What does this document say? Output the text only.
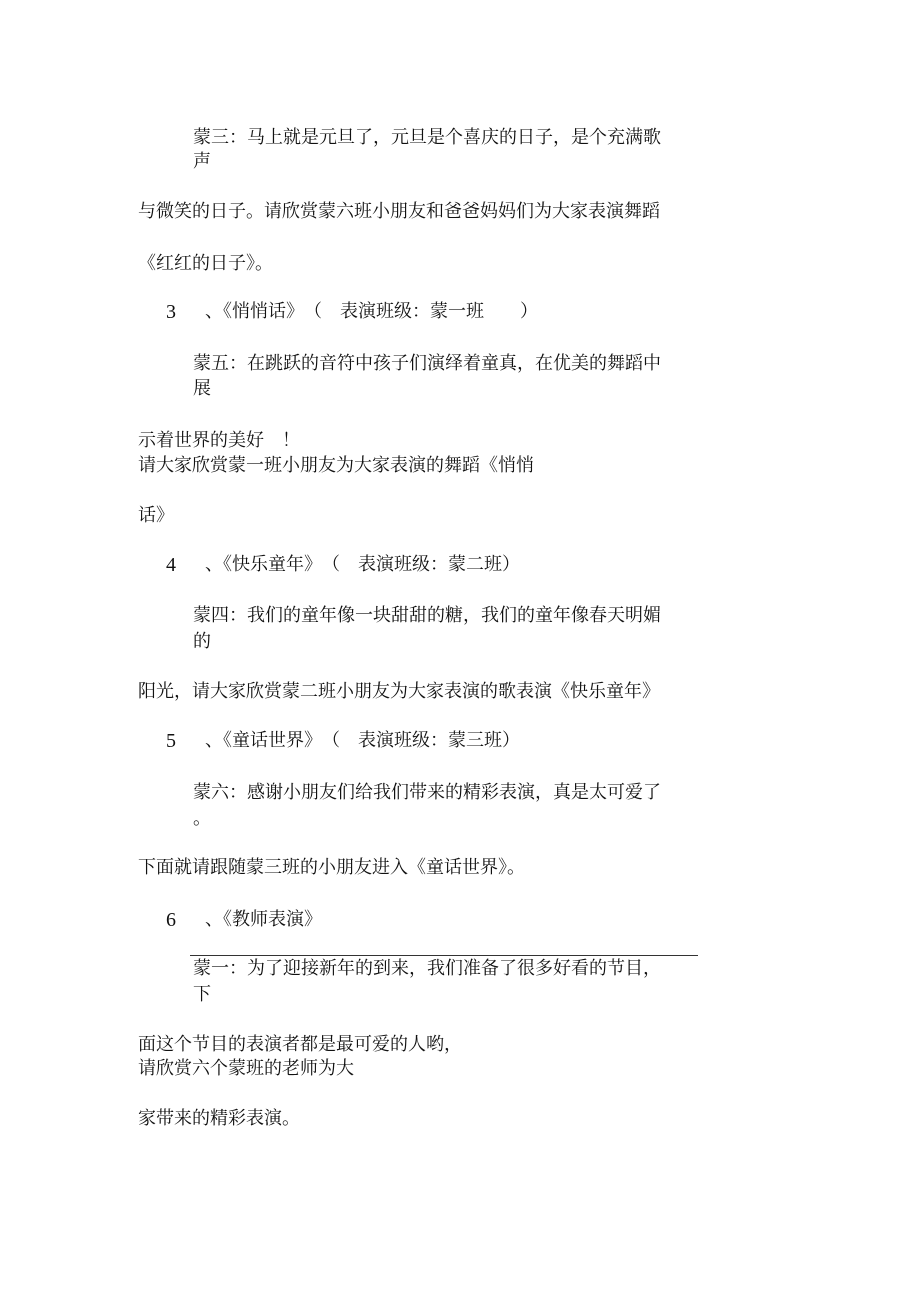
蒙三：马上就是元旦了，元旦是个喜庆的日子，是个充满歌
声
与微笑的日子。请欣赏蒙六班小朋友和爸爸妈妈们为大家表演舞蹈
《红红的日子》。
3 、《悄悄话》　（　表演班级：蒙一班　　）
蒙五：在跳跃的音符中孩子们演绎着童真，在优美的舞蹈中
展
示着世界的美好　！
请大家欣赏蒙一班小朋友为大家表演的舞蹈《悄悄
话》
4 、《快乐童年》　（　表演班级：蒙二班）
蒙四：我们的童年像一块甜甜的糖，我们的童年像春天明媚
的
阳光，请大家欣赏蒙二班小朋友为大家表演的歌表演《快乐童年》
5 、《童话世界》　（　表演班级：蒙三班）
蒙六：感谢小朋友们给我们带来的精彩表演，真是太可爱了
。
下面就请跟随蒙三班的小朋友进入《童话世界》。
6 、《教师表演》
蒙一：为了迎接新年的到来，我们准备了很多好看的节目，
下
面这个节目的表演者都是最可爱的人哟，
请欣赏六个蒙班的老师为大
家带来的精彩表演。
